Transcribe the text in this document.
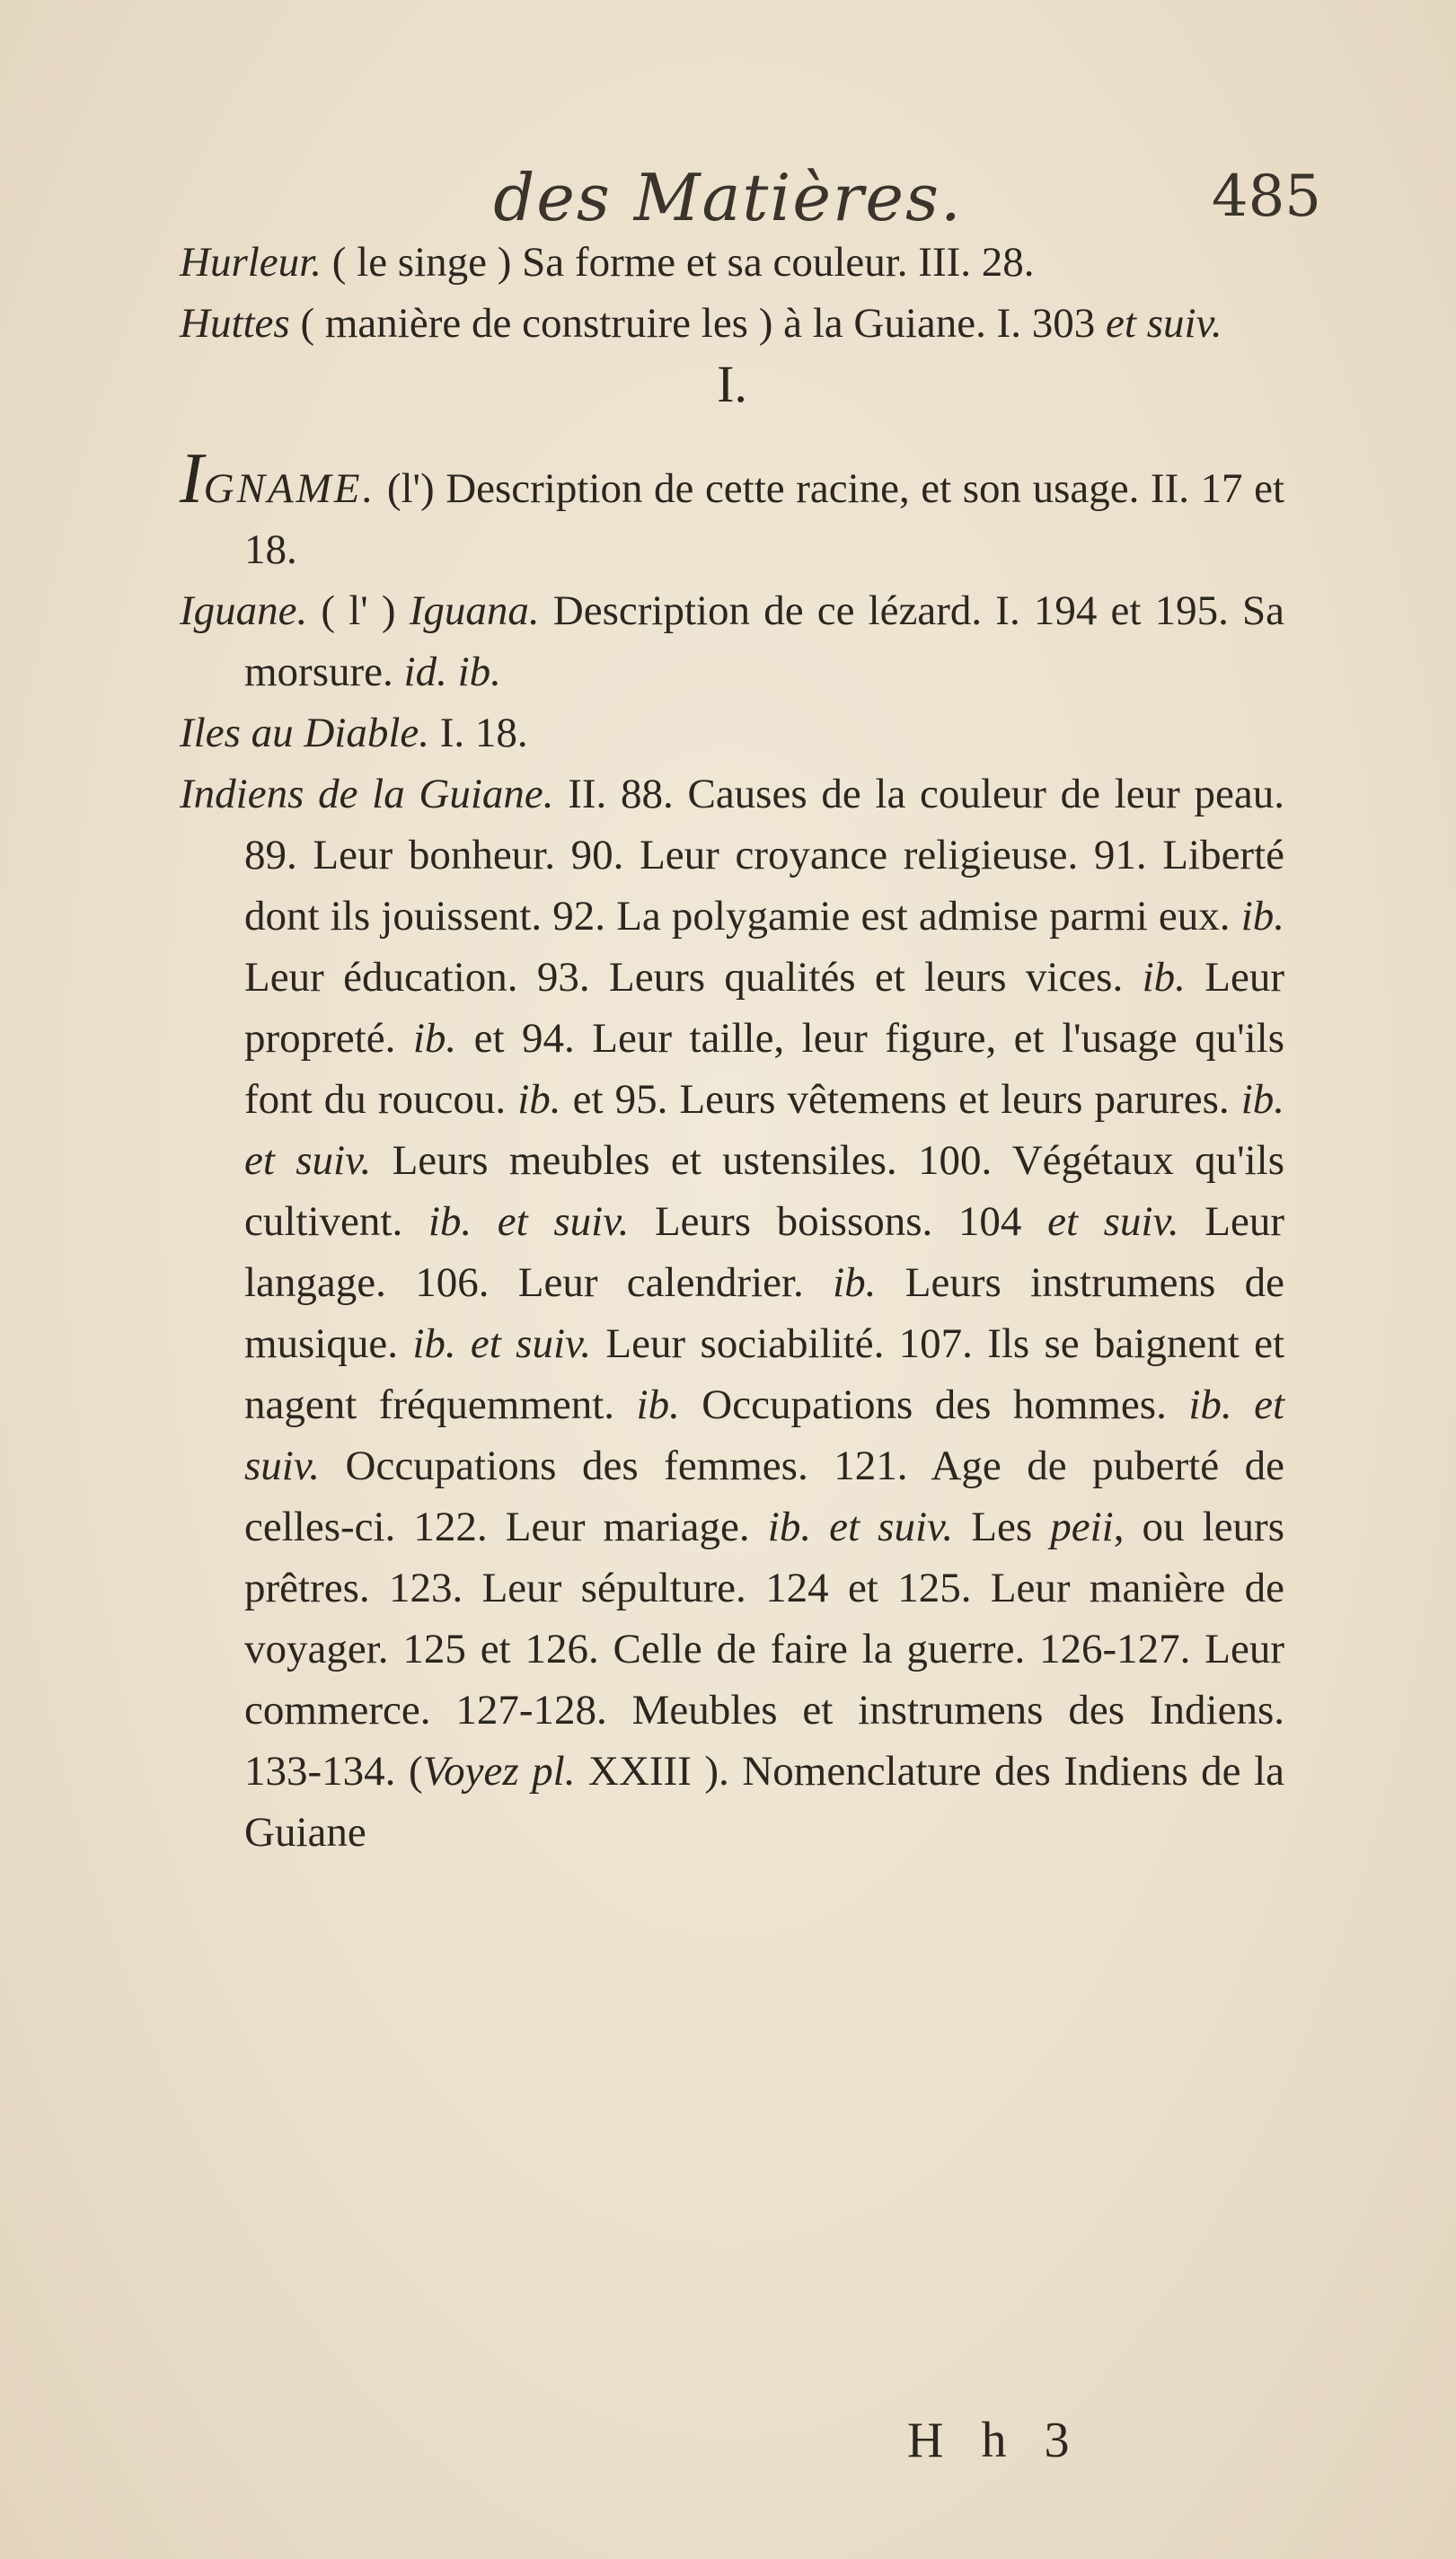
des Matières.	485

Hurleur. ( le singe ) Sa forme et sa couleur. III. 28.

Huttes ( manière de construire les ) à la Guiane. I. 303 et suiv.

I.

IGNAME. (l') Description de cette racine, et son usage. II. 17 et 18.

Iguane. ( l' ) Iguana. Description de ce lézard. I. 194 et 195. Sa morsure. id. ib.

Iles au Diable. I. 18.

Indiens de la Guiane. II. 88. Causes de la couleur de leur peau. 89. Leur bonheur. 90. Leur croyance religieuse. 91. Liberté dont ils jouissent. 92. La polygamie est admise parmi eux. ib. Leur éducation. 93. Leurs qualités et leurs vices. ib. Leur propreté. ib. et 94. Leur taille, leur figure, et l'usage qu'ils font du roucou. ib. et 95. Leurs vêtemens et leurs parures. ib. et suiv. Leurs meubles et ustensiles. 100. Végétaux qu'ils cultivent. ib. et suiv. Leurs boissons. 104 et suiv. Leur langage. 106. Leur calendrier. ib. Leurs instrumens de musique. ib. et suiv. Leur sociabilité. 107. Ils se baignent et nagent fréquemment. ib. Occupations des hommes. ib. et suiv. Occupations des femmes. 121. Age de puberté de celles-ci. 122. Leur mariage. ib. et suiv. Les peii, ou leurs prêtres. 123. Leur sépulture. 124 et 125. Leur manière de voyager. 125 et 126. Celle de faire la guerre. 126-127. Leur commerce. 127-128. Meubles et instrumens des Indiens. 133-134. (Voyez pl. XXIII ). Nomenclature des Indiens de la Guiane

H h 3
